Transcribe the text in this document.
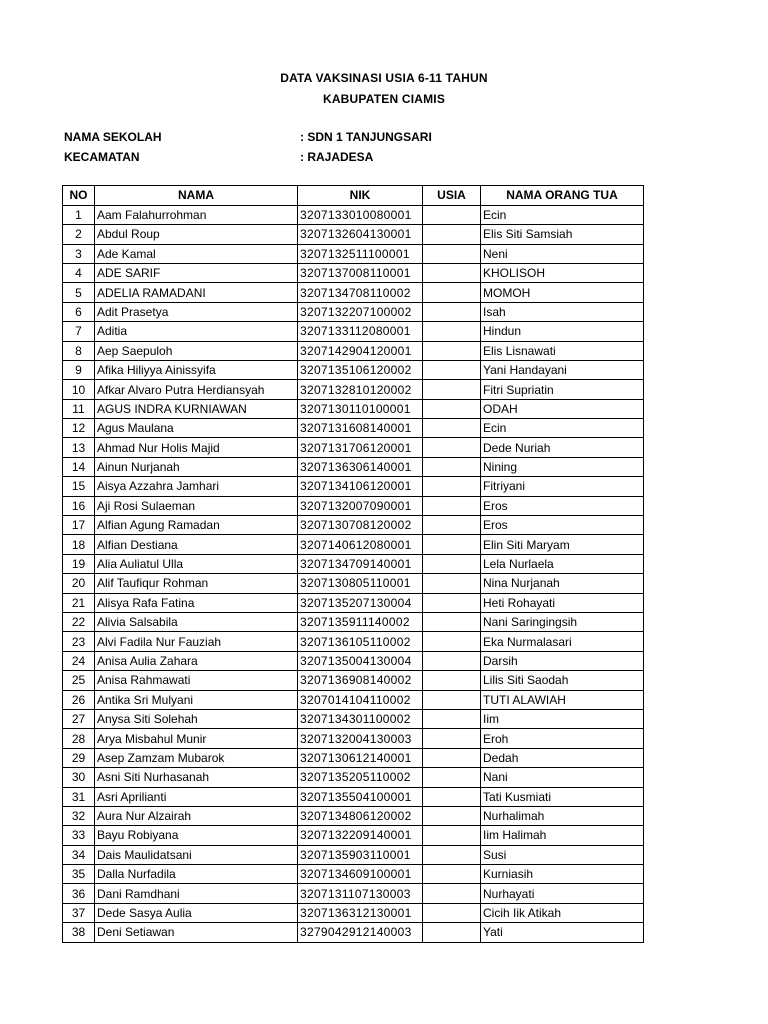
DATA VAKSINASI USIA 6-11 TAHUN
KABUPATEN CIAMIS
NAMA SEKOLAH	: SDN 1 TANJUNGSARI
KECAMATAN	: RAJADESA
NO	NAMA	NIK	USIA	NAMA ORANG TUA
1	Aam Falahurrohman	3207133010080001		Ecin
2	Abdul Roup	3207132604130001		Elis Siti Samsiah
3	Ade Kamal	3207132511100001		Neni
4	ADE SARIF	3207137008110001		KHOLISOH
5	ADELIA RAMADANI	3207134708110002		MOMOH
6	Adit Prasetya	3207132207100002		Isah
7	Aditia	3207133112080001		Hindun
8	Aep Saepuloh	3207142904120001		Elis Lisnawati
9	Afika Hiliyya Ainissyifa	3207135106120002		Yani Handayani
10	Afkar Alvaro Putra Herdiansyah	3207132810120002		Fitri Supriatin
11	AGUS INDRA KURNIAWAN	3207130110100001		ODAH
12	Agus Maulana	3207131608140001		Ecin
13	Ahmad Nur Holis Majid	3207131706120001		Dede Nuriah
14	Ainun Nurjanah	3207136306140001		Nining
15	Aisya Azzahra Jamhari	3207134106120001		Fitriyani
16	Aji Rosi Sulaeman	3207132007090001		Eros
17	Alfian Agung Ramadan	3207130708120002		Eros
18	Alfian Destiana	3207140612080001		Elin Siti Maryam
19	Alia Auliatul Ulla	3207134709140001		Lela Nurlaela
20	Alif Taufiqur Rohman	3207130805110001		Nina Nurjanah
21	Alisya Rafa Fatina	3207135207130004		Heti Rohayati
22	Alivia Salsabila	3207135911140002		Nani Saringingsih
23	Alvi Fadila Nur Fauziah	3207136105110002		Eka Nurmalasari
24	Anisa Aulia Zahara	3207135004130004		Darsih
25	Anisa Rahmawati	3207136908140002		Lilis Siti Saodah
26	Antika Sri Mulyani	3207014104110002		TUTI ALAWIAH
27	Anysa Siti Solehah	3207134301100002		Iim
28	Arya Misbahul Munir	3207132004130003		Eroh
29	Asep Zamzam Mubarok	3207130612140001		Dedah
30	Asni Siti Nurhasanah	3207135205110002		Nani
31	Asri Aprilianti	3207135504100001		Tati Kusmiati
32	Aura Nur Alzairah	3207134806120002		Nurhalimah
33	Bayu Robiyana	3207132209140001		Iim Halimah
34	Dais Maulidatsani	3207135903110001		Susi
35	Dalla Nurfadila	3207134609100001		Kurniasih
36	Dani Ramdhani	3207131107130003		Nurhayati
37	Dede Sasya Aulia	3207136312130001		Cicih Iik Atikah
38	Deni Setiawan	3279042912140003		Yati
